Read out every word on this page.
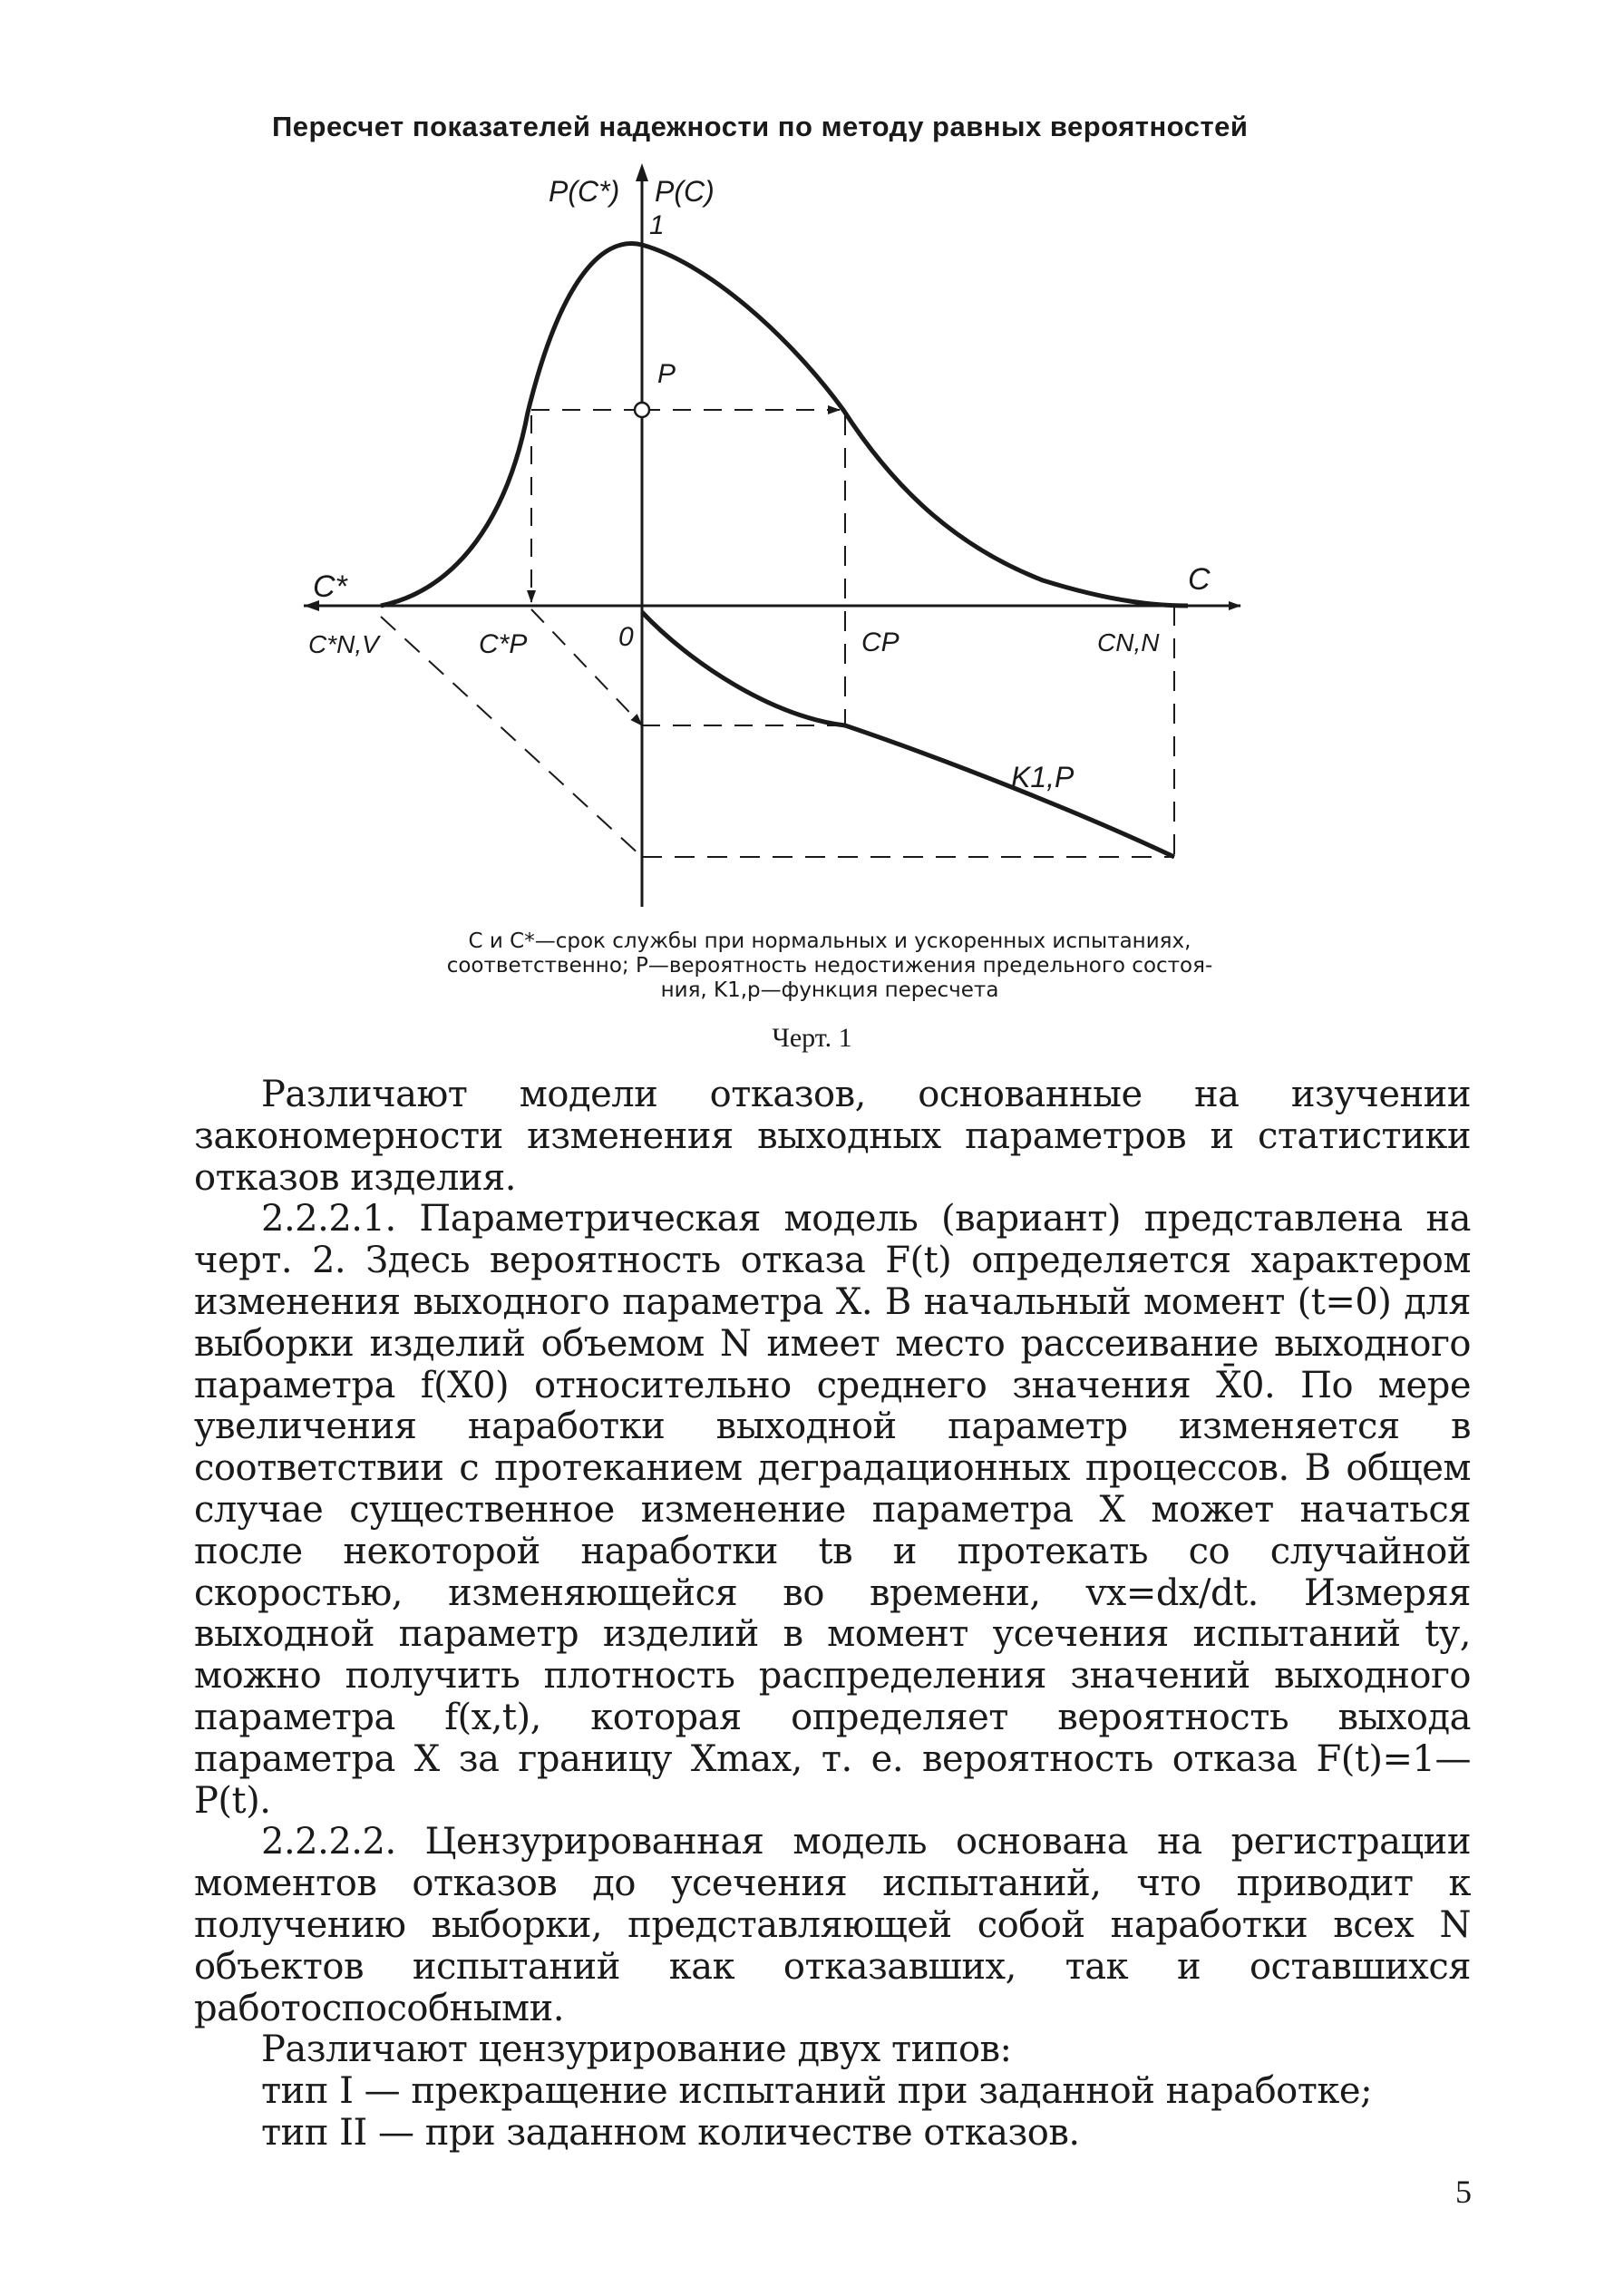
Пересчет показателей надежности по методу равных вероятностей
P(C*) P(C)
1
P
C*	C
C*N,V	C*P	0	CP	CN,N
K1,P

C и C*—срок службы при нормальных и ускоренных испытаниях,

соответственно; P—вероятность недостижения предельного состоя-

ния, K1,p—функция пересчета

Черт. 1

Различают модели отказов, основанные на изучении закономерности изменения выходных параметров и статистики отказов изделия.

2.2.2.1. Параметрическая модель (вариант) представлена на черт. 2. Здесь вероятность отказа F(t) определяется характером изменения выходного параметра X. В начальный момент (t=0) для выборки изделий объемом N имеет место рассеивание выходного параметра f(X0) относительно среднего значения X̄0. По мере увеличения наработки выходной параметр изменяется в соответствии с протеканием деградационных процессов. В общем случае существенное изменение параметра X может начаться после некоторой наработки tв и протекать со случайной скоростью, изменяющейся во времени, vx=dx/dt. Измеряя выходной параметр изделий в момент усечения испытаний tу, можно получить плотность распределения значений выходного параметра f(x,t), которая определяет вероятность выхода параметра X за границу Xmax, т. е. вероятность отказа F(t)=1—P(t).

2.2.2.2. Цензурированная модель основана на регистрации моментов отказов до усечения испытаний, что приводит к получению выборки, представляющей собой наработки всех N объектов испытаний как отказавших, так и оставшихся работоспособными.

Различают цензурирование двух типов:

тип I — прекращение испытаний при заданной наработке;

тип II — при заданном количестве отказов.

5
